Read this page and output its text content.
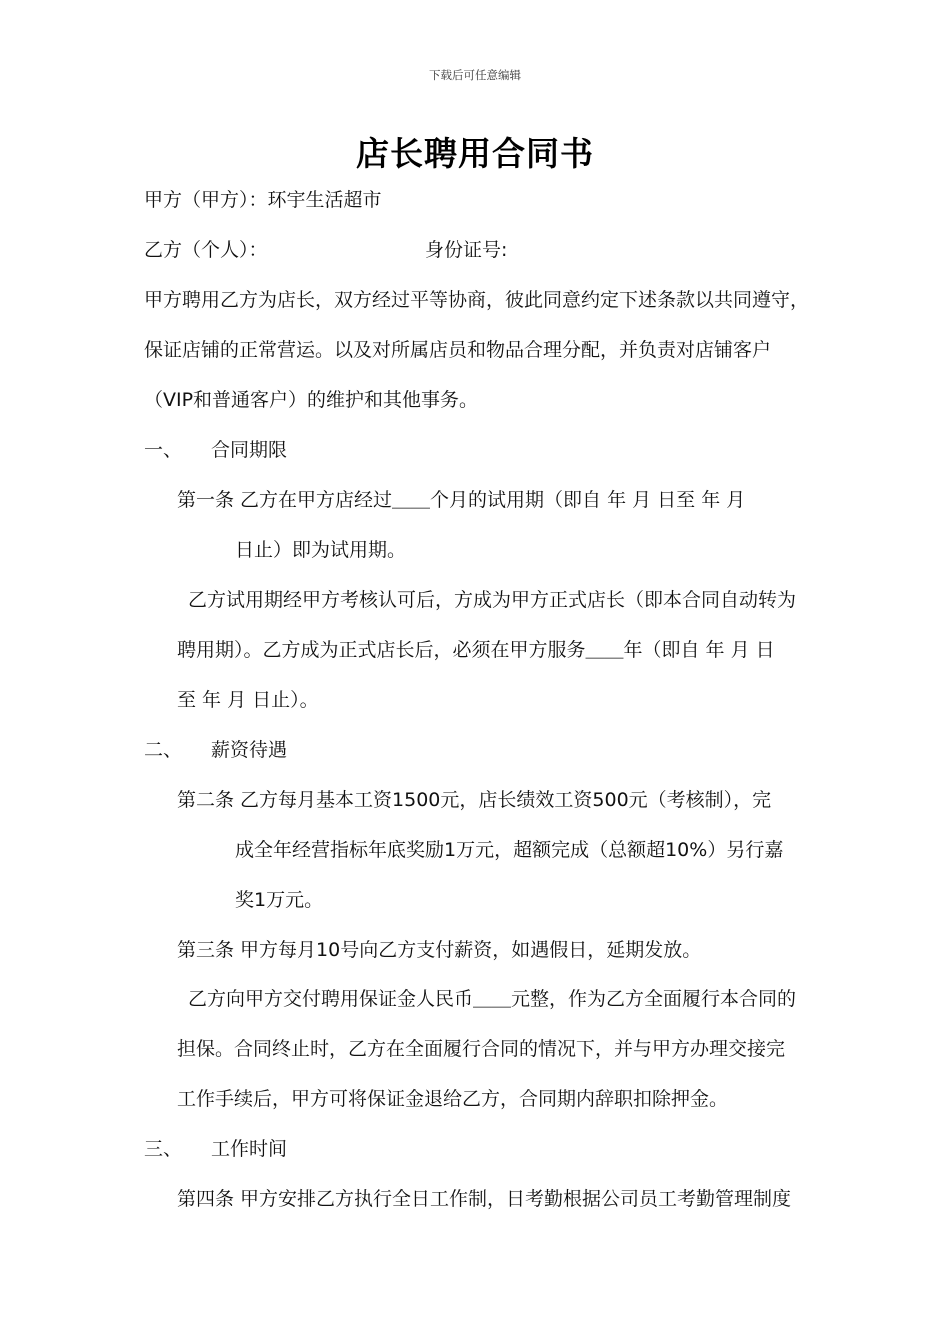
下载后可任意编辑
店长聘用合同书
甲方（甲方）：环宇生活超市
乙方（个人）：	身份证号:
甲方聘用乙方为店长，双方经过平等协商，彼此同意约定下述条款以共同遵守，
保证店铺的正常营运。以及对所属店员和物品合理分配，并负责对店铺客户
（VIP和普通客户）的维护和其他事务。
一、 合同期限
第一条 乙方在甲方店经过＿＿个月的试用期（即自 年 月 日至 年 月
日止）即为试用期。
乙方试用期经甲方考核认可后，方成为甲方正式店长（即本合同自动转为
聘用期）。乙方成为正式店长后，必须在甲方服务＿＿年（即自 年 月 日
至 年 月 日止）。
二、 薪资待遇
第二条 乙方每月基本工资1500元，店长绩效工资500元（考核制），完
成全年经营指标年底奖励1万元，超额完成（总额超10%）另行嘉
奖1万元。
第三条 甲方每月10号向乙方支付薪资，如遇假日，延期发放。
乙方向甲方交付聘用保证金人民币＿＿元整，作为乙方全面履行本合同的
担保。合同终止时，乙方在全面履行合同的情况下，并与甲方办理交接完
工作手续后，甲方可将保证金退给乙方，合同期内辞职扣除押金。
三、 工作时间
第四条 甲方安排乙方执行全日工作制，日考勤根据公司员工考勤管理制度
